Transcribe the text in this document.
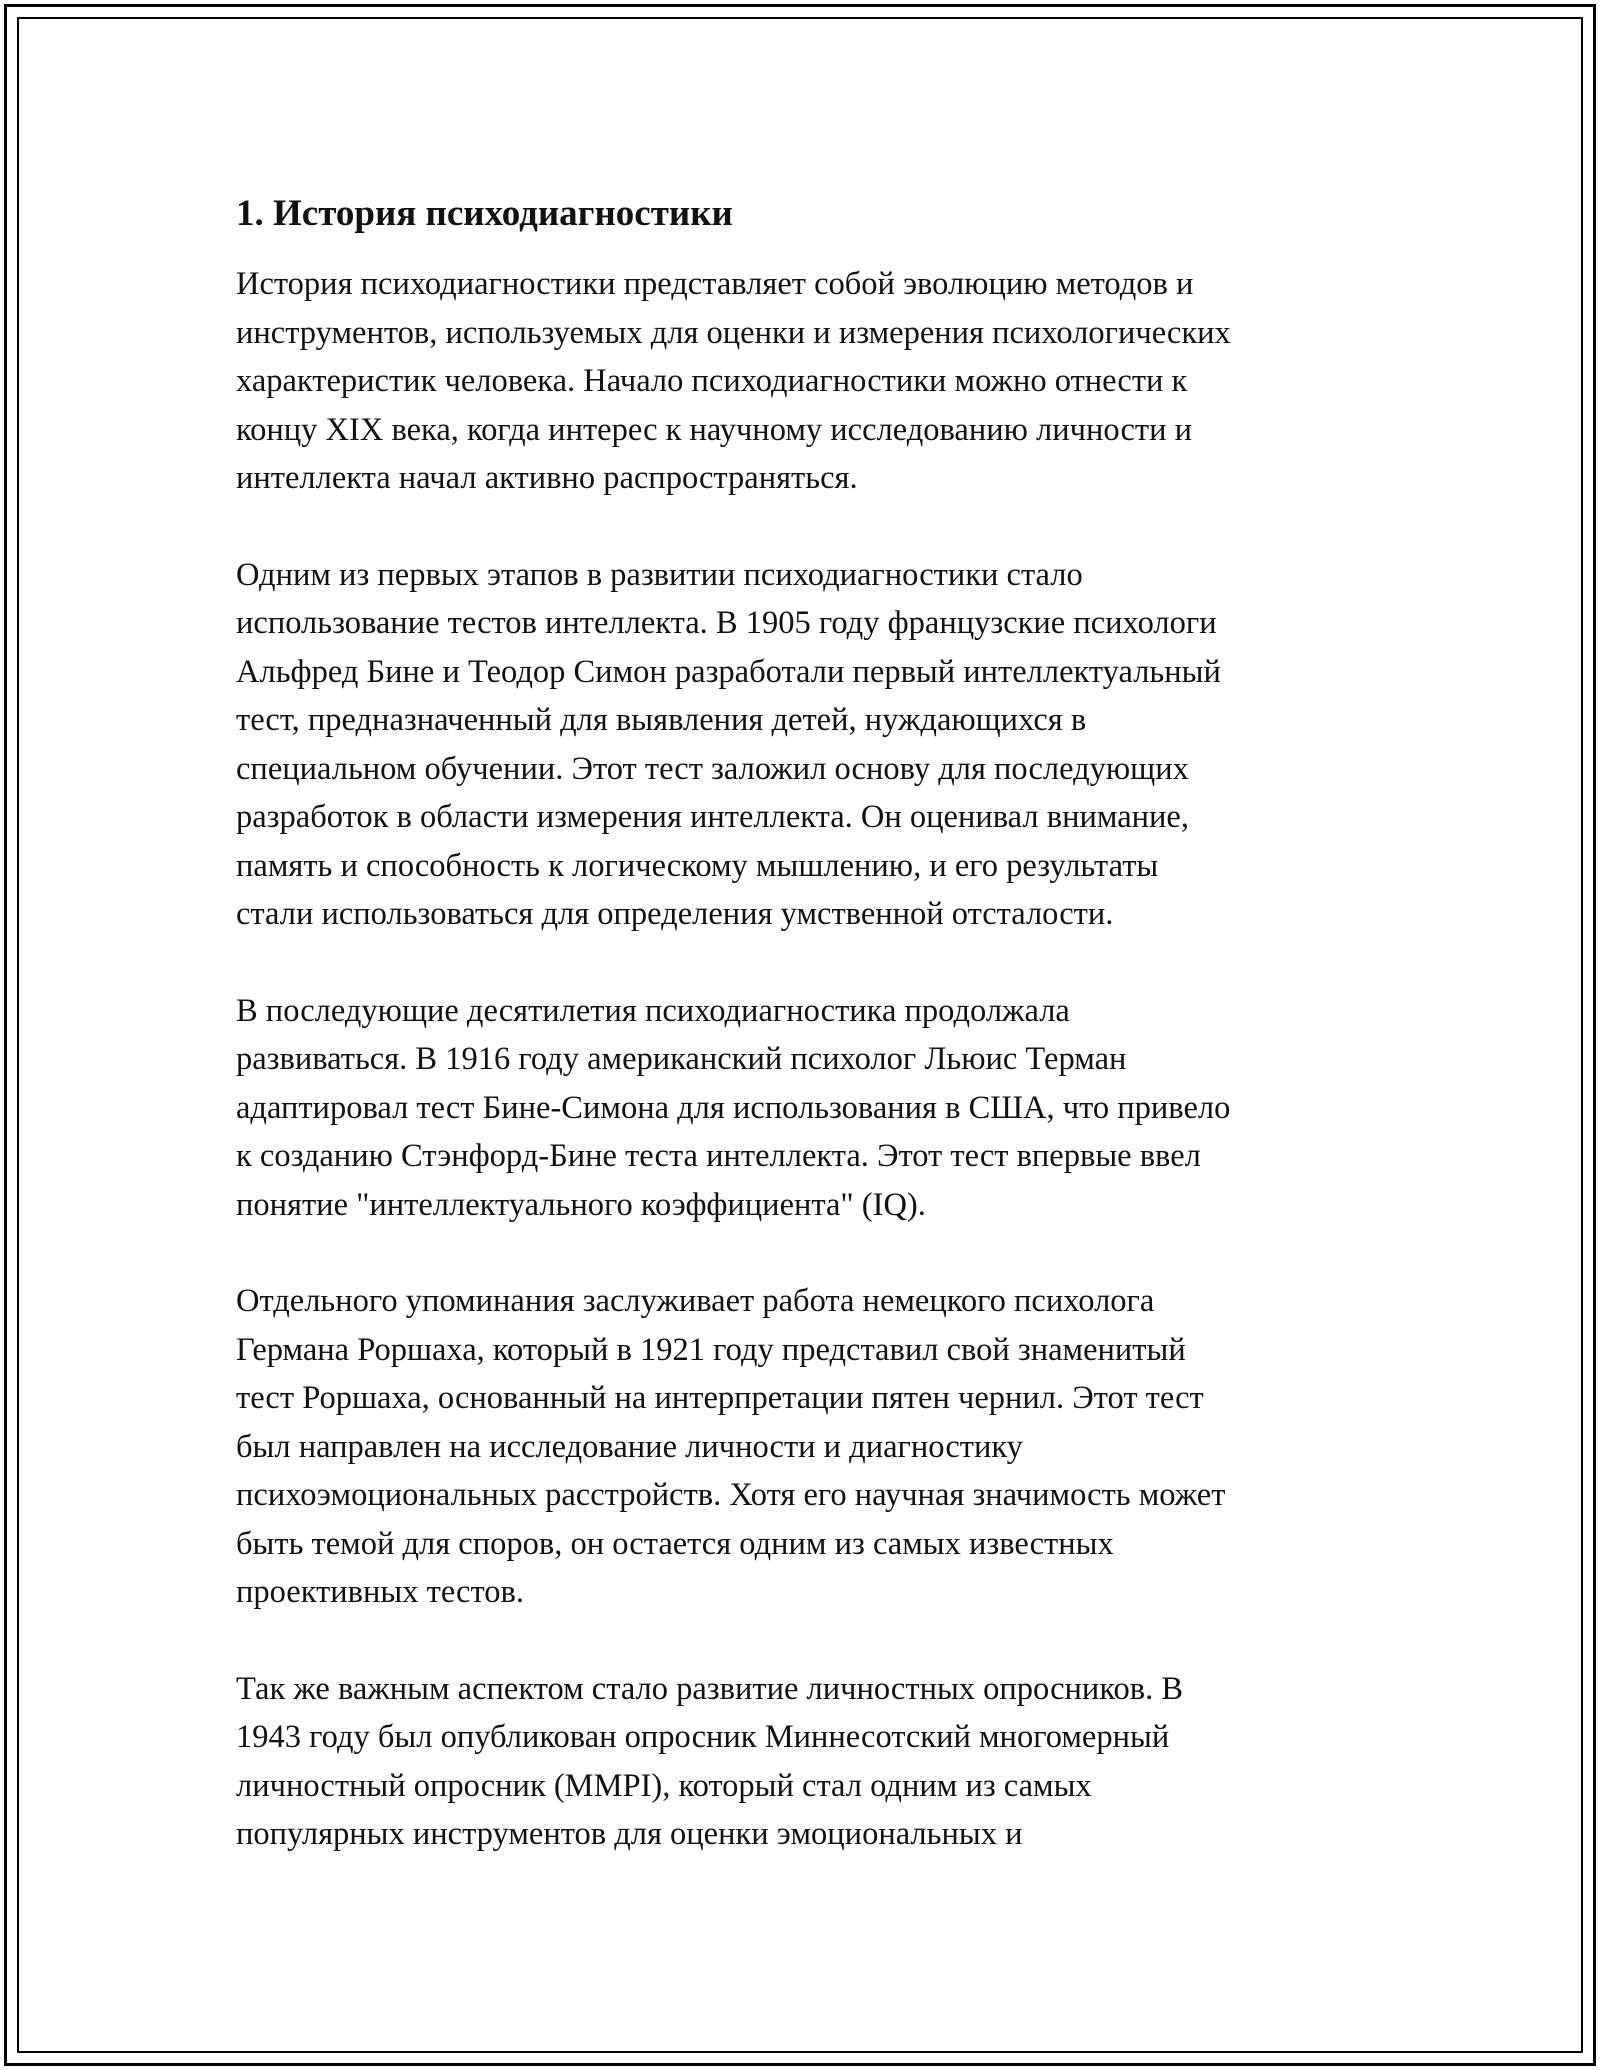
1. История психодиагностики

История психодиагностики представляет собой эволюцию методов и
инструментов, используемых для оценки и измерения психологических
характеристик человека. Начало психодиагностики можно отнести к
концу XIX века, когда интерес к научному исследованию личности и
интеллекта начал активно распространяться.

Одним из первых этапов в развитии психодиагностики стало
использование тестов интеллекта. В 1905 году французские психологи
Альфред Бине и Теодор Симон разработали первый интеллектуальный
тест, предназначенный для выявления детей, нуждающихся в
специальном обучении. Этот тест заложил основу для последующих
разработок в области измерения интеллекта. Он оценивал внимание,
память и способность к логическому мышлению, и его результаты
стали использоваться для определения умственной отсталости.

В последующие десятилетия психодиагностика продолжала
развиваться. В 1916 году американский психолог Льюис Терман
адаптировал тест Бине-Симона для использования в США, что привело
к созданию Стэнфорд-Бине теста интеллекта. Этот тест впервые ввел
понятие "интеллектуального коэффициента" (IQ).

Отдельного упоминания заслуживает работа немецкого психолога
Германа Роршаха, который в 1921 году представил свой знаменитый
тест Роршаха, основанный на интерпретации пятен чернил. Этот тест
был направлен на исследование личности и диагностику
психоэмоциональных расстройств. Хотя его научная значимость может
быть темой для споров, он остается одним из самых известных
проективных тестов.

Так же важным аспектом стало развитие личностных опросников. В
1943 году был опубликован опросник Миннесотский многомерный
личностный опросник (MMPI), который стал одним из самых
популярных инструментов для оценки эмоциональных и
